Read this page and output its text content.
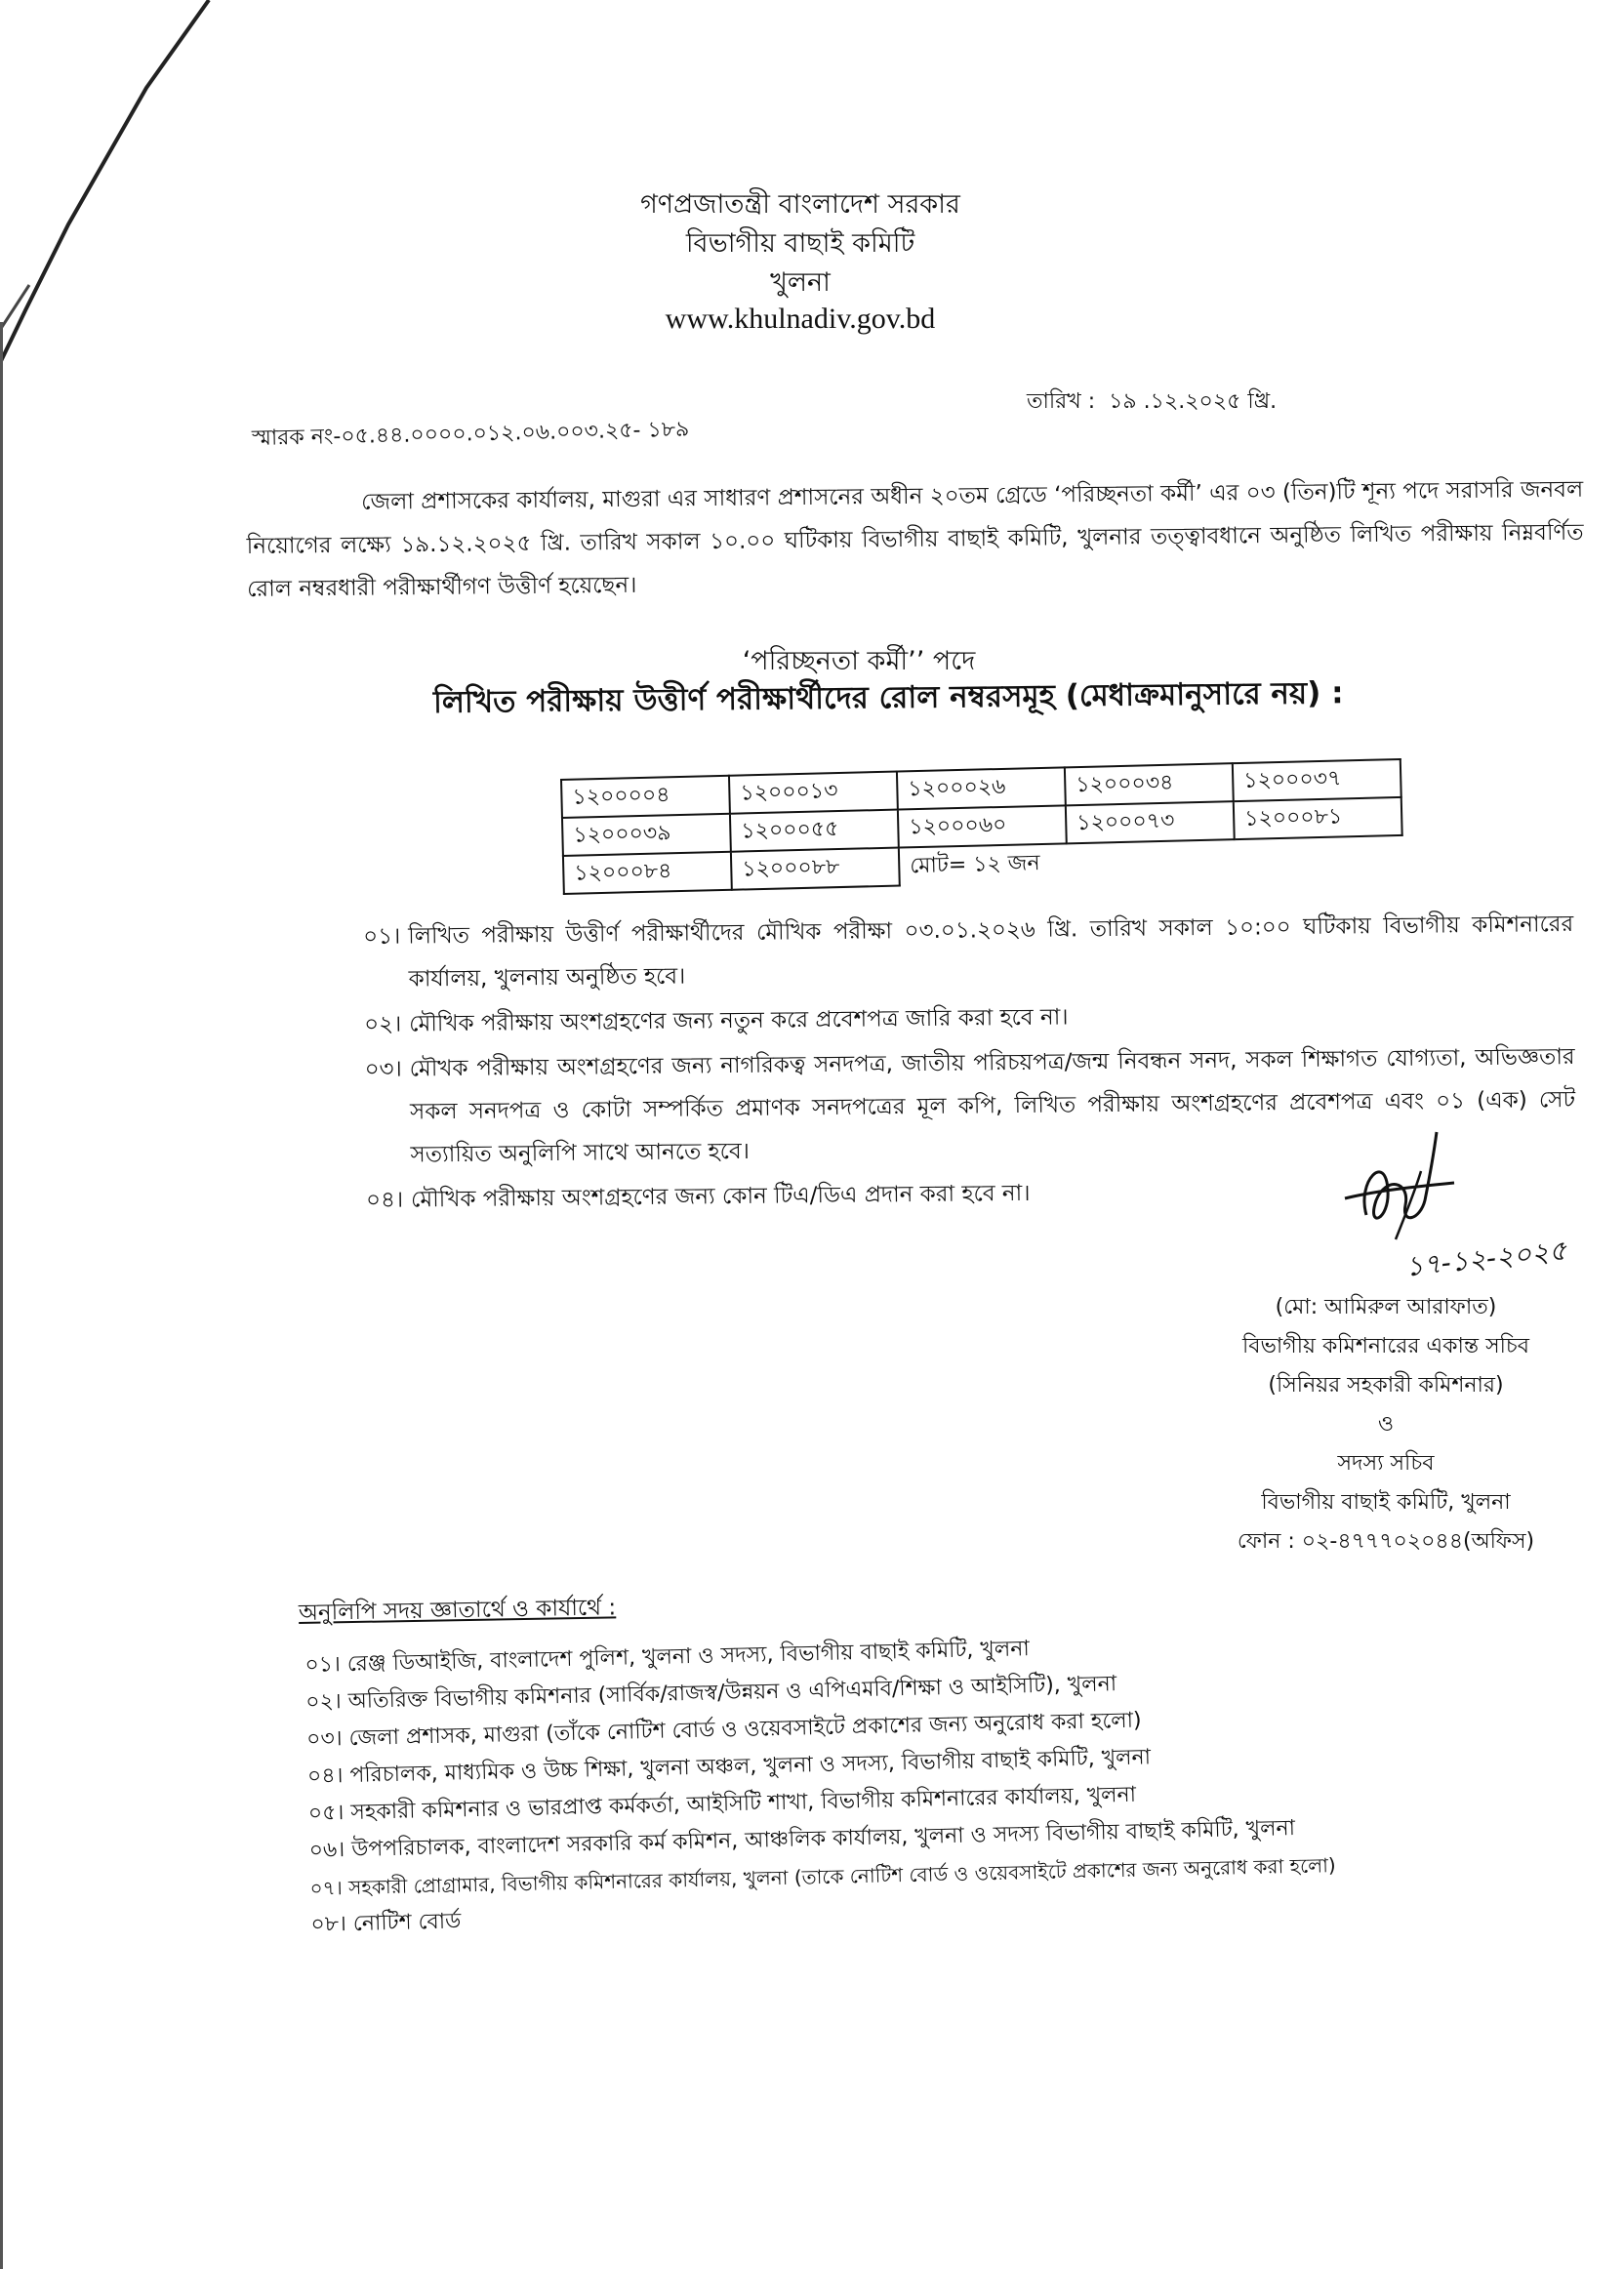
গণপ্রজাতন্ত্রী বাংলাদেশ সরকার
বিভাগীয় বাছাই কমিটি
খুলনা
www.khulnadiv.gov.bd
তারিখ : ১৯ .১২.২০২৫ খ্রি.
স্মারক নং-০৫.৪৪.০০০০.০১২.০৬.০০৩.২৫- ১৮৯
জেলা প্রশাসকের কার্যালয়, মাগুরা এর সাধারণ প্রশাসনের অধীন ২০তম গ্রেডে ‘পরিচ্ছনতা কর্মী’ এর ০৩ (তিন)টি শূন্য পদে সরাসরি জনবল নিয়োগের লক্ষ্যে ১৯.১২.২০২৫ খ্রি. তারিখ সকাল ১০.০০ ঘটিকায় বিভাগীয় বাছাই কমিটি, খুলনার তত্ত্বাবধানে অনুষ্ঠিত লিখিত পরীক্ষায় নিম্নবর্ণিত রোল নম্বরধারী পরীক্ষার্থীগণ উত্তীর্ণ হয়েছেন।
‘পরিচ্ছনতা কর্মী’’ পদে
লিখিত পরীক্ষায় উত্তীর্ণ পরীক্ষার্থীদের রোল নম্বরসমূহ (মেধাক্রমানুসারে নয়) :
১২০০০০৪	১২০০০১৩	১২০০০২৬	১২০০০৩৪	১২০০০৩৭
১২০০০৩৯	১২০০০৫৫	১২০০০৬০	১২০০০৭৩	১২০০০৮১
১২০০০৮৪	১২০০০৮৮	মোট= ১২ জন		
০১। লিখিত পরীক্ষায় উত্তীর্ণ পরীক্ষার্থীদের মৌখিক পরীক্ষা ০৩.০১.২০২৬ খ্রি. তারিখ সকাল ১০:০০ ঘটিকায় বিভাগীয় কমিশনারের কার্যালয়, খুলনায় অনুষ্ঠিত হবে।
০২। মৌখিক পরীক্ষায় অংশগ্রহণের জন্য নতুন করে প্রবেশপত্র জারি করা হবে না।
০৩। মৌখক পরীক্ষায় অংশগ্রহণের জন্য নাগরিকত্ব সনদপত্র, জাতীয় পরিচয়পত্র/জন্ম নিবন্ধন সনদ, সকল শিক্ষাগত যোগ্যতা, অভিজ্ঞতার সকল সনদপত্র ও কোটা সম্পর্কিত প্রমাণক সনদপত্রের মূল কপি, লিখিত পরীক্ষায় অংশগ্রহণের প্রবেশপত্র এবং ০১ (এক) সেট সত্যায়িত অনুলিপি সাথে আনতে হবে।
০৪। মৌখিক পরীক্ষায় অংশগ্রহণের জন্য কোন টিএ/ডিএ প্রদান করা হবে না।
১৭-১২-২০২৫
(মো: আমিরুল আরাফাত)
বিভাগীয় কমিশনারের একান্ত সচিব
(সিনিয়র সহকারী কমিশনার)
ও
সদস্য সচিব
বিভাগীয় বাছাই কমিটি, খুলনা
ফোন : ০২-৪৭৭৭০২০৪৪(অফিস)
অনুলিপি সদয় জ্ঞাতার্থে ও কার্যার্থে :
০১। রেঞ্জ ডিআইজি, বাংলাদেশ পুলিশ, খুলনা ও সদস্য, বিভাগীয় বাছাই কমিটি, খুলনা
০২। অতিরিক্ত বিভাগীয় কমিশনার (সার্বিক/রাজস্ব/উন্নয়ন ও এপিএমবি/শিক্ষা ও আইসিটি), খুলনা
০৩। জেলা প্রশাসক, মাগুরা (তাঁকে নোটিশ বোর্ড ও ওয়েবসাইটে প্রকাশের জন্য অনুরোধ করা হলো)
০৪। পরিচালক, মাধ্যমিক ও উচ্চ শিক্ষা, খুলনা অঞ্চল, খুলনা ও সদস্য, বিভাগীয় বাছাই কমিটি, খুলনা
০৫। সহকারী কমিশনার ও ভারপ্রাপ্ত কর্মকর্তা, আইসিটি শাখা, বিভাগীয় কমিশনারের কার্যালয়, খুলনা
০৬। উপপরিচালক, বাংলাদেশ সরকারি কর্ম কমিশন, আঞ্চলিক কার্যালয়, খুলনা ও সদস্য বিভাগীয় বাছাই কমিটি, খুলনা
০৭। সহকারী প্রোগ্রামার, বিভাগীয় কমিশনারের কার্যালয়, খুলনা (তাকে নোটিশ বোর্ড ও ওয়েবসাইটে প্রকাশের জন্য অনুরোধ করা হলো)
০৮। নোটিশ বোর্ড
